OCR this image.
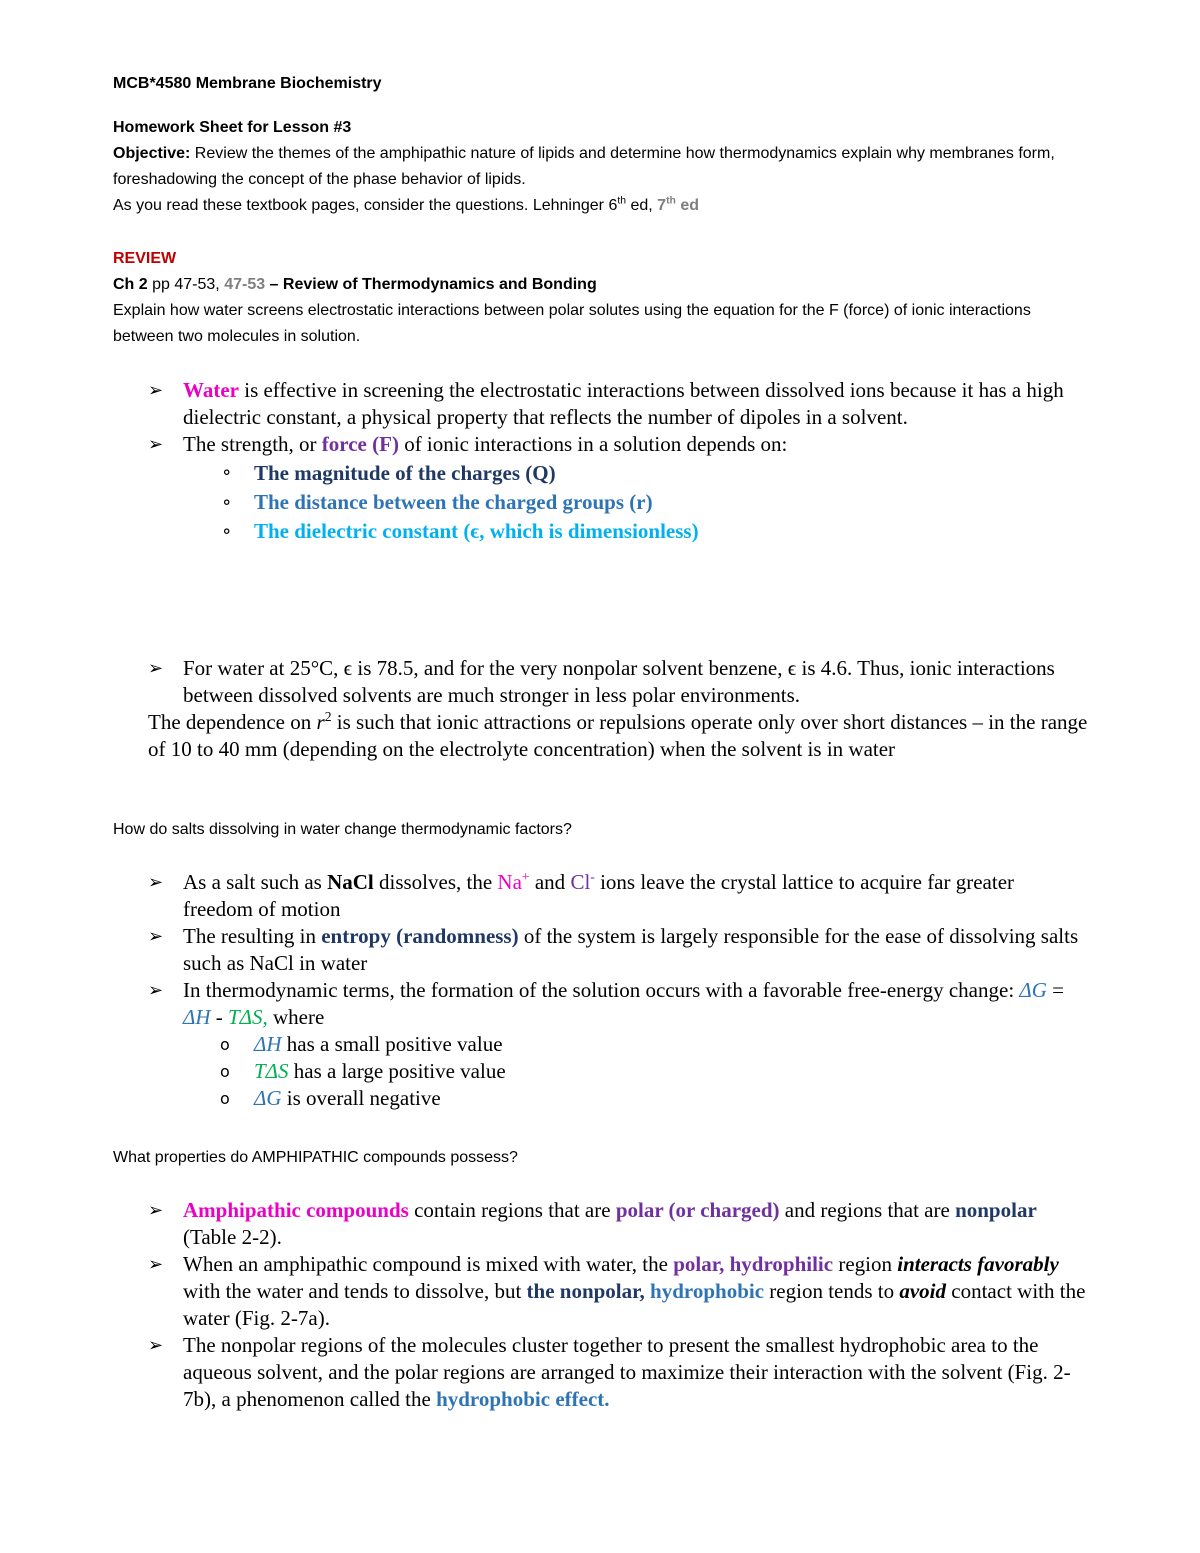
MCB*4580 Membrane Biochemistry

Homework Sheet for Lesson #3

Objective: Review the themes of the amphipathic nature of lipids and determine how thermodynamics explain why membranes form, foreshadowing the concept of the phase behavior of lipids.

As you read these textbook pages, consider the questions. Lehninger 6th ed, 7th ed

REVIEW

Ch 2 pp 47-53, 47-53 – Review of Thermodynamics and Bonding

Explain how water screens electrostatic interactions between polar solutes using the equation for the F (force) of ionic interactions between two molecules in solution.

➢ Water is effective in screening the electrostatic interactions between dissolved ions because it has a high dielectric constant, a physical property that reflects the number of dipoles in a solvent.
➢ The strength, or force (F) of ionic interactions in a solution depends on:
⚬ The magnitude of the charges (Q)
⚬ The distance between the charged groups (r)
⚬ The dielectric constant (ϵ, which is dimensionless)
➢ For water at 25°C, ϵ is 78.5, and for the very nonpolar solvent benzene, ϵ is 4.6. Thus, ionic interactions between dissolved solvents are much stronger in less polar environments.

The dependence on $r^2$ is such that ionic attractions or repulsions operate only over short distances – in the range of 10 to 40 mm (depending on the electrolyte concentration) when the solvent is in water

How do salts dissolving in water change thermodynamic factors?

➢ As a salt such as NaCl dissolves, the Na+ and Cl- ions leave the crystal lattice to acquire far greater freedom of motion
➢ The resulting in entropy (randomness) of the system is largely responsible for the ease of dissolving salts such as NaCl in water
➢ In thermodynamic terms, the formation of the solution occurs with a favorable free-energy change: ΔG = ΔH - TΔS, where
o ΔH has a small positive value
o TΔS has a large positive value
o ΔG is overall negative

What properties do AMPHIPATHIC compounds possess?

➢ Amphipathic compounds contain regions that are polar (or charged) and regions that are nonpolar (Table 2-2).
➢ When an amphipathic compound is mixed with water, the polar, hydrophilic region interacts favorably with the water and tends to dissolve, but the nonpolar, hydrophobic region tends to avoid contact with the water (Fig. 2-7a).
➢ The nonpolar regions of the molecules cluster together to present the smallest hydrophobic area to the aqueous solvent, and the polar regions are arranged to maximize their interaction with the solvent (Fig. 2-7b), a phenomenon called the hydrophobic effect.
